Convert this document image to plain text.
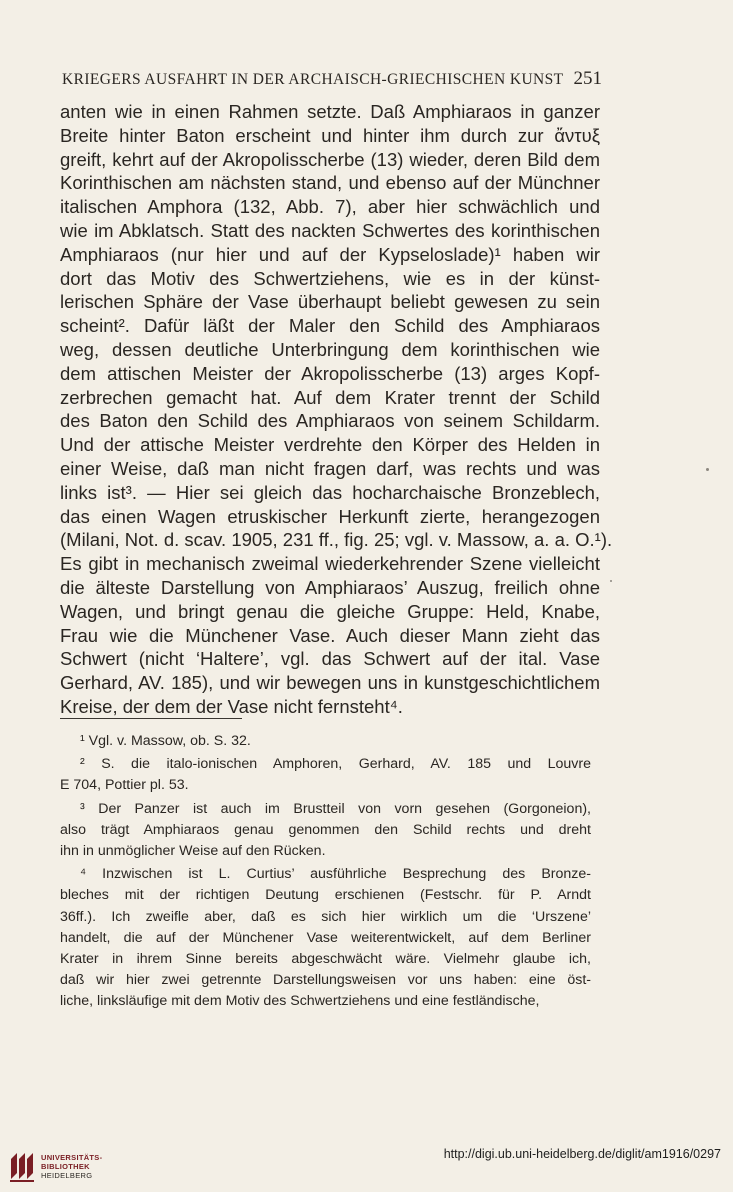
KRIEGERS AUSFAHRT IN DER ARCHAISCH-GRIECHISCHEN KUNST 251
anten wie in einen Rahmen setzte. Daß Amphiaraos in ganzer
Breite hinter Baton erscheint und hinter ihm durch zur ἄντυξ
greift, kehrt auf der Akropolisscherbe (13) wieder, deren Bild dem
Korinthischen am nächsten stand, und ebenso auf der Münchner
italischen Amphora (132, Abb. 7), aber hier schwächlich und
wie im Abklatsch. Statt des nackten Schwertes des korinthischen
Amphiaraos (nur hier und auf der Kypseloslade)¹ haben wir
dort das Motiv des Schwertziehens, wie es in der künst-
lerischen Sphäre der Vase überhaupt beliebt gewesen zu sein
scheint². Dafür läßt der Maler den Schild des Amphiaraos
weg, dessen deutliche Unterbringung dem korinthischen wie
dem attischen Meister der Akropolisscherbe (13) arges Kopf-
zerbrechen gemacht hat. Auf dem Krater trennt der Schild
des Baton den Schild des Amphiaraos von seinem Schildarm.
Und der attische Meister verdrehte den Körper des Helden in
einer Weise, daß man nicht fragen darf, was rechts und was
links ist³. — Hier sei gleich das hocharchaische Bronzeblech,
das einen Wagen etruskischer Herkunft zierte, herangezogen
(Milani, Not. d. scav. 1905, 231 ff., fig. 25; vgl. v. Massow, a. a. O.¹).
Es gibt in mechanisch zweimal wiederkehrender Szene vielleicht
die älteste Darstellung von Amphiaraos’ Auszug, freilich ohne
Wagen, und bringt genau die gleiche Gruppe: Held, Knabe,
Frau wie die Münchener Vase. Auch dieser Mann zieht das
Schwert (nicht ‘Haltere’, vgl. das Schwert auf der ital. Vase
Gerhard, AV. 185), und wir bewegen uns in kunstgeschichtlichem
Kreise, der dem der Vase nicht fernsteht⁴.
¹ Vgl. v. Massow, ob. S. 32.
² S. die italo-ionischen Amphoren, Gerhard, AV. 185 und Louvre
E 704, Pottier pl. 53.
³ Der Panzer ist auch im Brustteil von vorn gesehen (Gorgoneion),
also trägt Amphiaraos genau genommen den Schild rechts und dreht
ihn in unmöglicher Weise auf den Rücken.
⁴ Inzwischen ist L. Curtius’ ausführliche Besprechung des Bronze-
bleches mit der richtigen Deutung erschienen (Festschr. für P. Arndt
36ff.). Ich zweifle aber, daß es sich hier wirklich um die ‘Urszene’
handelt, die auf der Münchener Vase weiterentwickelt, auf dem Berliner
Krater in ihrem Sinne bereits abgeschwächt wäre. Vielmehr glaube ich,
daß wir hier zwei getrennte Darstellungsweisen vor uns haben: eine öst-
liche, linksläufige mit dem Motiv des Schwertziehens und eine festländische,
UNIVERSITÄTS-
BIBLIOTHEK
HEIDELBERG
http://digi.ub.uni-heidelberg.de/diglit/am1916/0297
